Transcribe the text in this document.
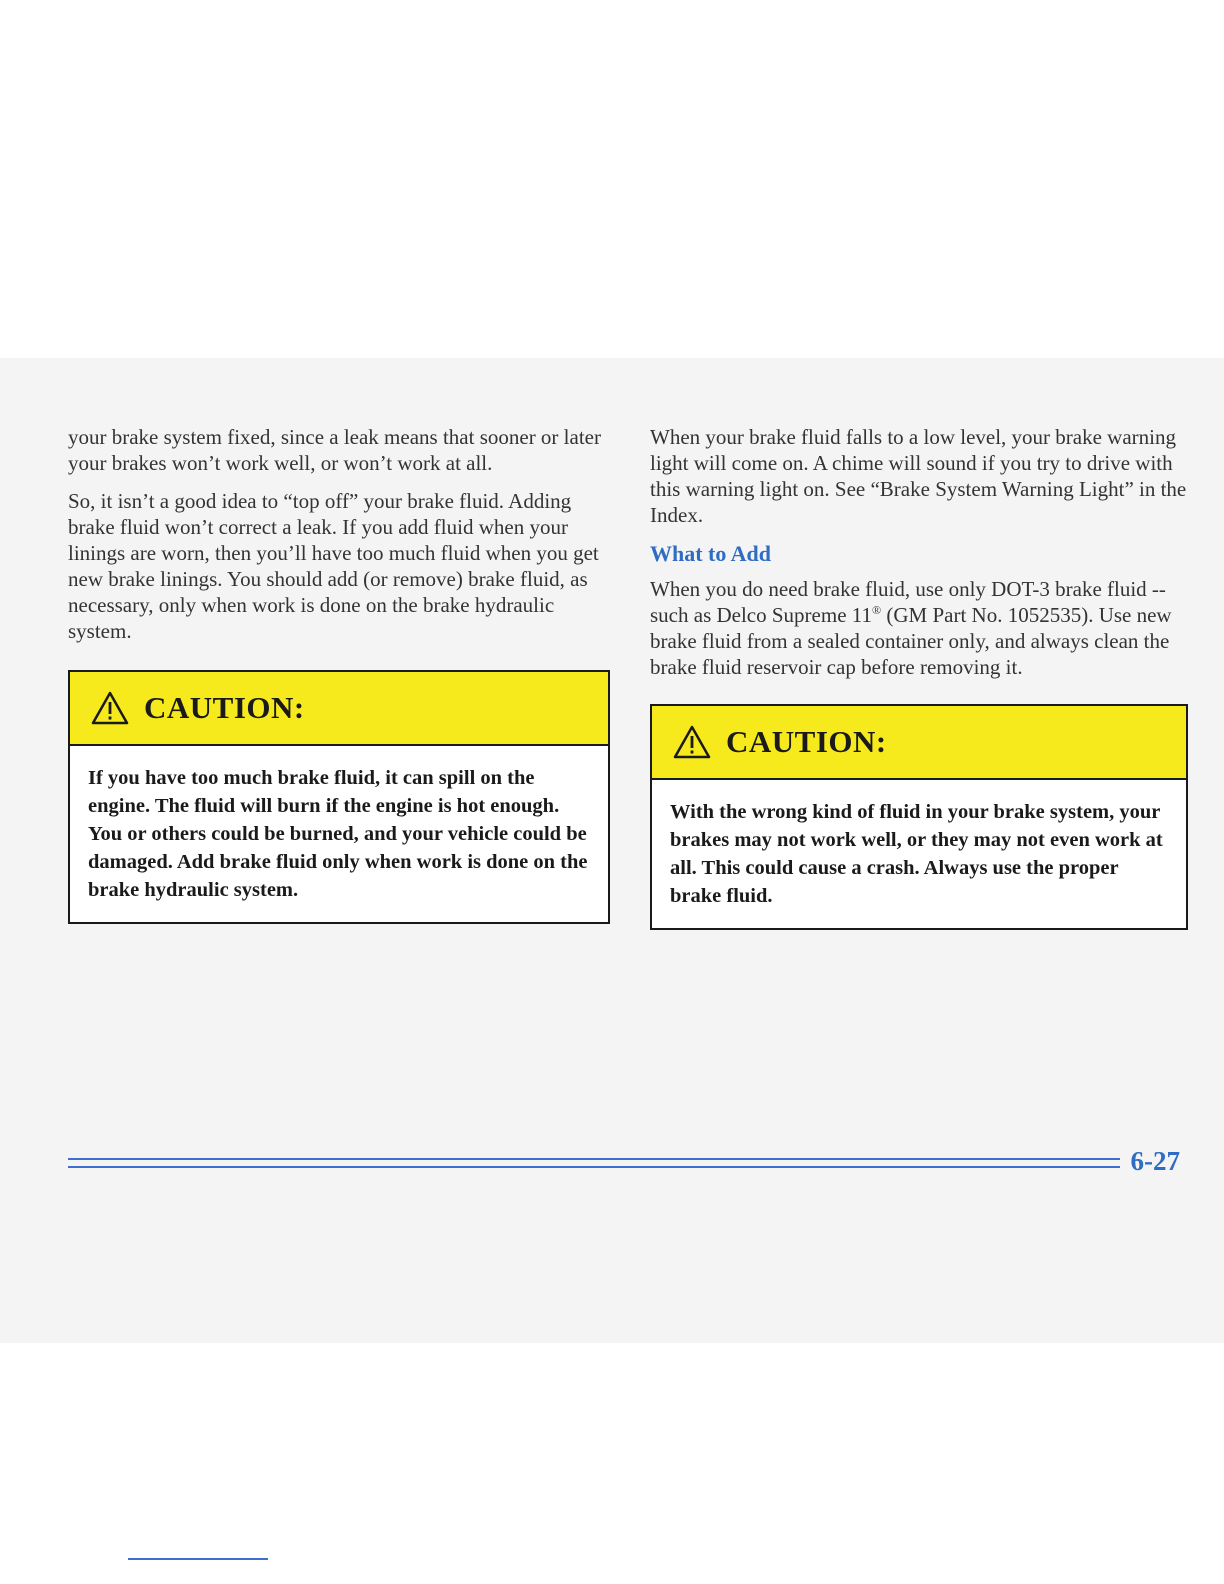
your brake system fixed, since a leak means that sooner or later your brakes won’t work well, or won’t work at all.

So, it isn’t a good idea to “top off” your brake fluid. Adding brake fluid won’t correct a leak. If you add fluid when your linings are worn, then you’ll have too much fluid when you get new brake linings. You should add (or remove) brake fluid, as necessary, only when work is done on the brake hydraulic system.

CAUTION:
If you have too much brake fluid, it can spill on the engine. The fluid will burn if the engine is hot enough. You or others could be burned, and your vehicle could be damaged. Add brake fluid only when work is done on the brake hydraulic system.

When your brake fluid falls to a low level, your brake warning light will come on. A chime will sound if you try to drive with this warning light on. See “Brake System Warning Light” in the Index.

What to Add

When you do need brake fluid, use only DOT-3 brake fluid -- such as Delco Supreme 11® (GM Part No. 1052535). Use new brake fluid from a sealed container only, and always clean the brake fluid reservoir cap before removing it.

CAUTION:
With the wrong kind of fluid in your brake system, your brakes may not work well, or they may not even work at all. This could cause a crash. Always use the proper brake fluid.
6-27
